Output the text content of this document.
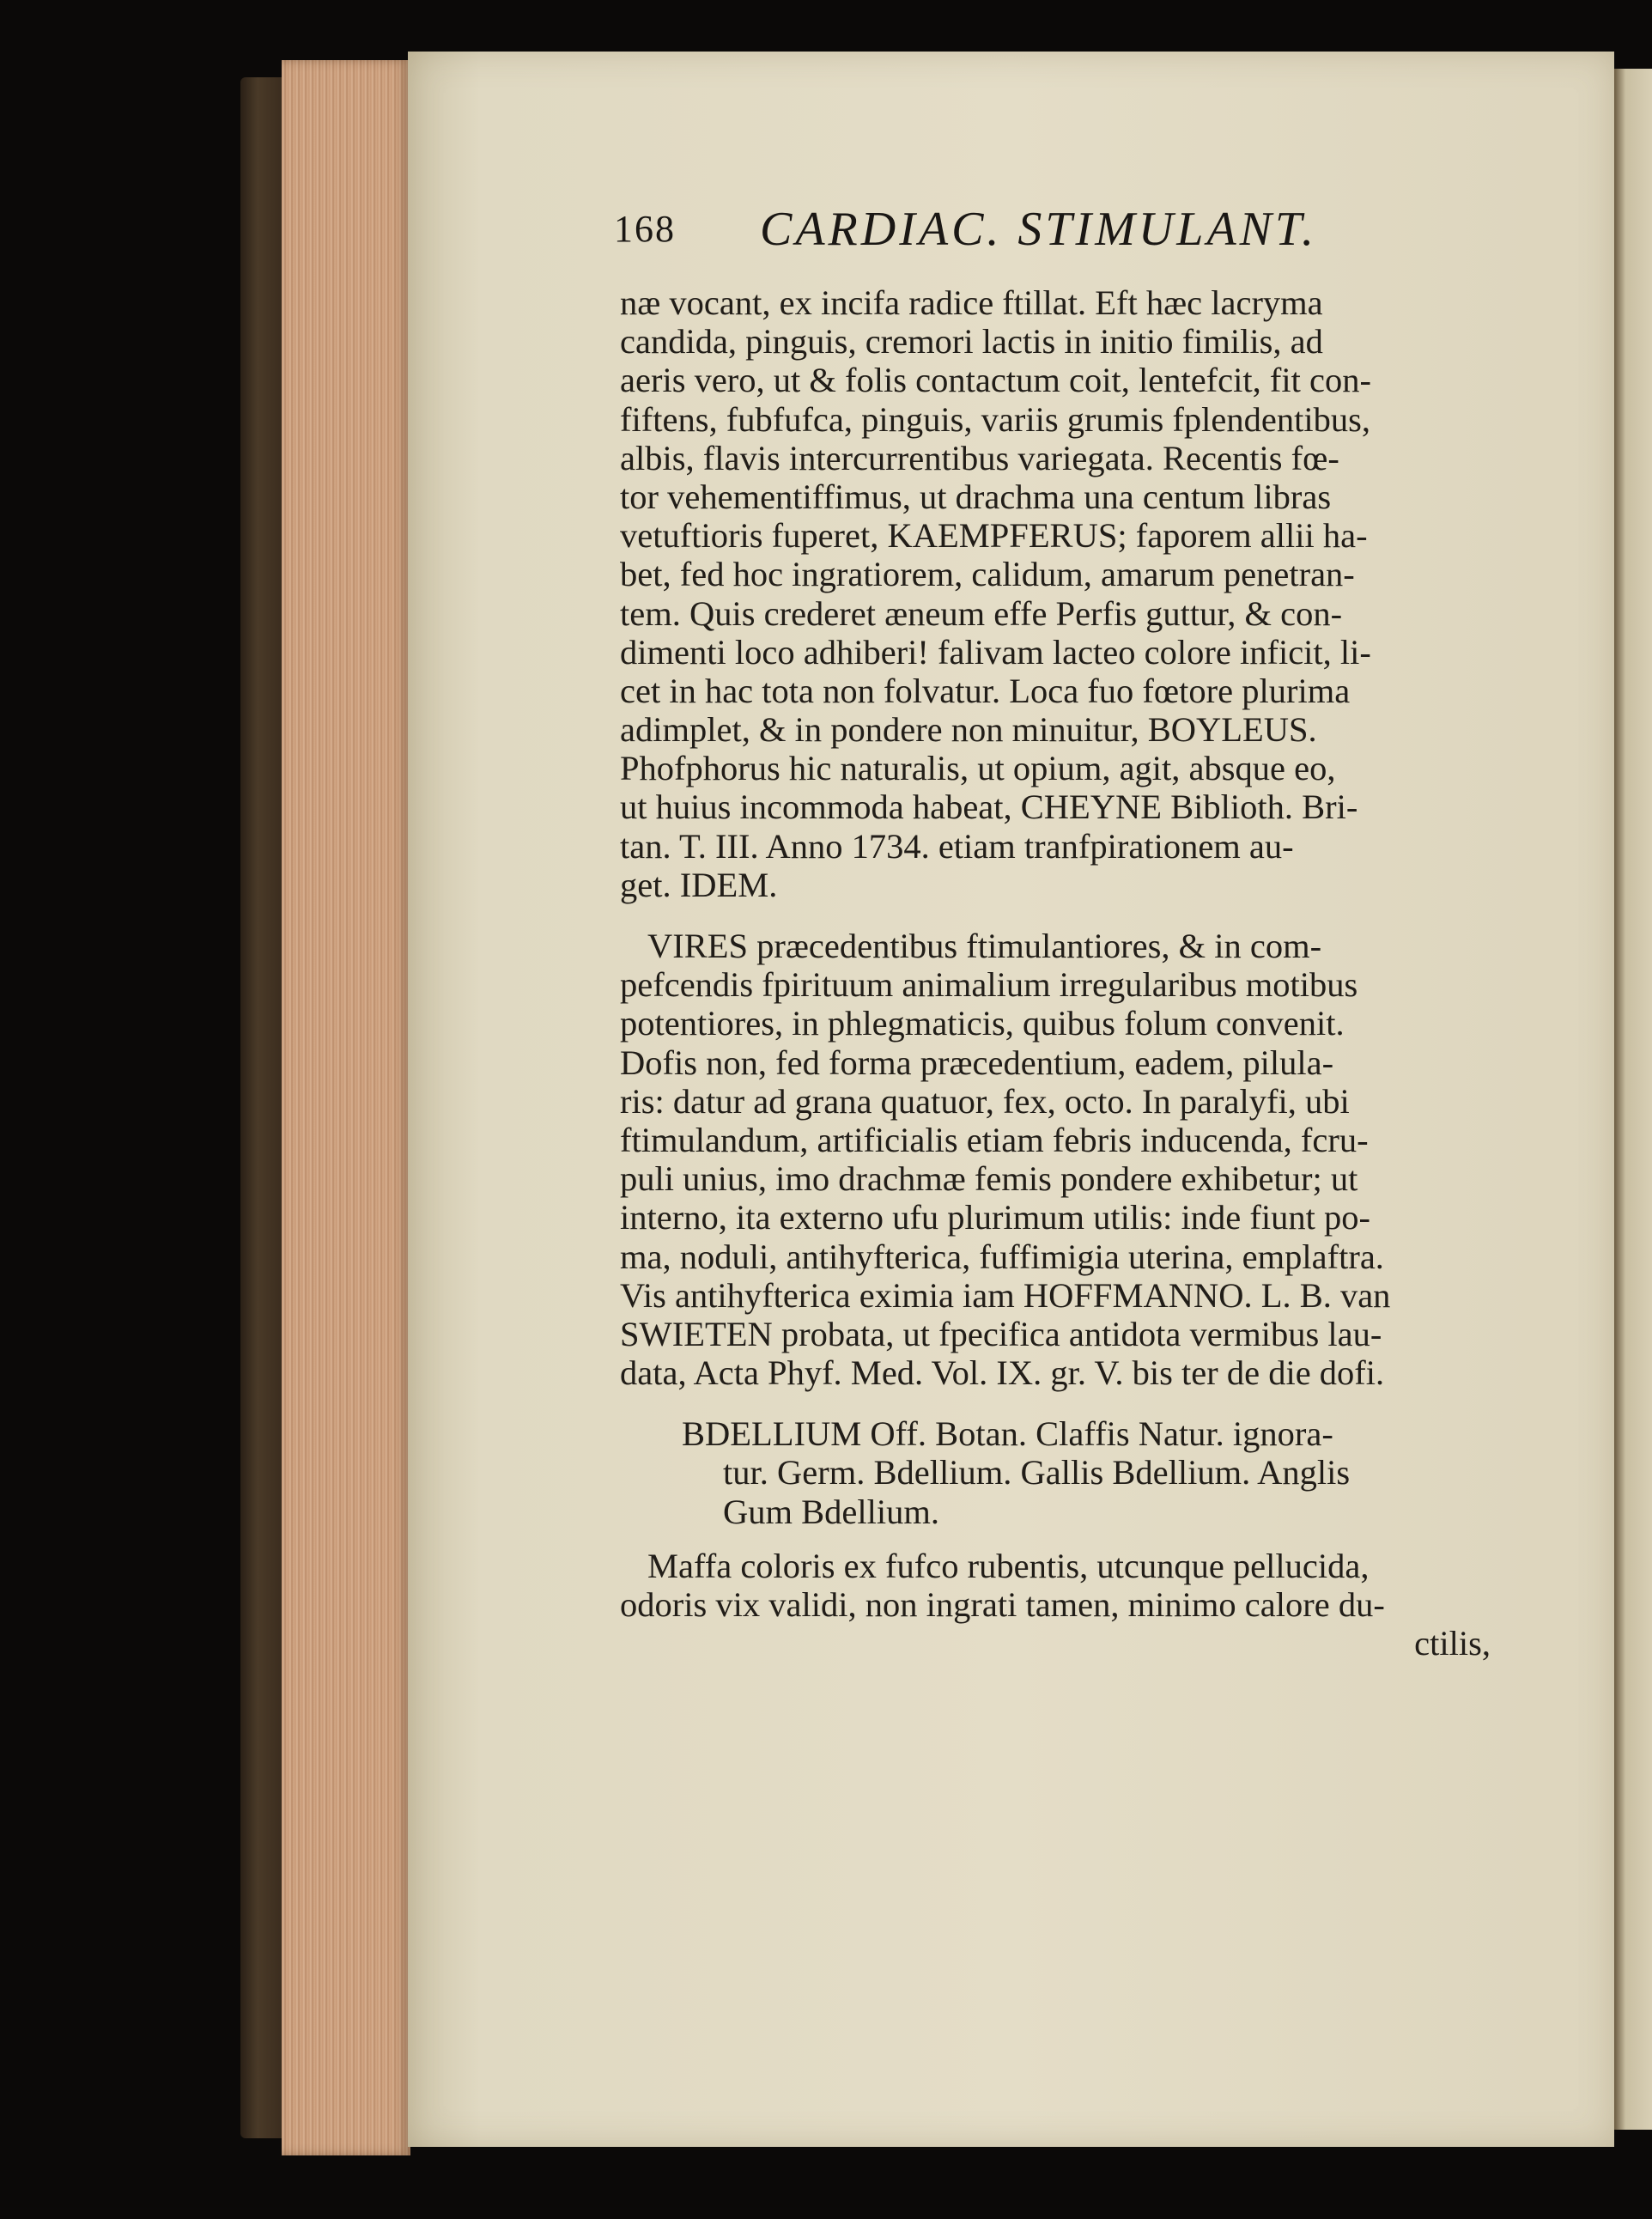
168 CARDIAC. STIMULANT.
næ vocant, ex incifa radice ftillat. Eft hæc lacryma
candida, pinguis, cremori lactis in initio fimilis, ad
aeris vero, ut & folis contactum coit, lentefcit, fit con-
fiftens, fubfufca, pinguis, variis grumis fplendentibus,
albis, flavis intercurrentibus variegata. Recentis fœ-
tor vehementiffimus, ut drachma una centum libras
vetuftioris fuperet, KAEMPFERUS; faporem allii ha-
bet, fed hoc ingratiorem, calidum, amarum penetran-
tem. Quis crederet æneum effe Perfis guttur, & con-
dimenti loco adhiberi! falivam lacteo colore inficit, li-
cet in hac tota non folvatur. Loca fuo fœtore plurima
adimplet, & in pondere non minuitur, BOYLEUS.
Phofphorus hic naturalis, ut opium, agit, absque eo,
ut huius incommoda habeat, CHEYNE Biblioth. Bri-
tan. T. III. Anno 1734. etiam tranfpirationem au-
get. IDEM.
VIRES præcedentibus ftimulantiores, & in com-
pefcendis fpirituum animalium irregularibus motibus
potentiores, in phlegmaticis, quibus folum convenit.
Dofis non, fed forma præcedentium, eadem, pilula-
ris: datur ad grana quatuor, fex, octo. In paralyfi, ubi
ftimulandum, artificialis etiam febris inducenda, fcru-
puli unius, imo drachmæ femis pondere exhibetur; ut
interno, ita externo ufu plurimum utilis: inde fiunt po-
ma, noduli, antihyfterica, fuffimigia uterina, emplaftra.
Vis antihyfterica eximia iam HOFFMANNO. L. B. van
SWIETEN probata, ut fpecifica antidota vermibus lau-
data, Acta Phyf. Med. Vol. IX. gr. V. bis ter de die dofi.
BDELLIUM Off. Botan. Claffis Natur. ignora-
tur. Germ. Bdellium. Gallis Bdellium. Anglis
Gum Bdellium.
Maffa coloris ex fufco rubentis, utcunque pellucida,
odoris vix validi, non ingrati tamen, minimo calore du-
ctilis,
